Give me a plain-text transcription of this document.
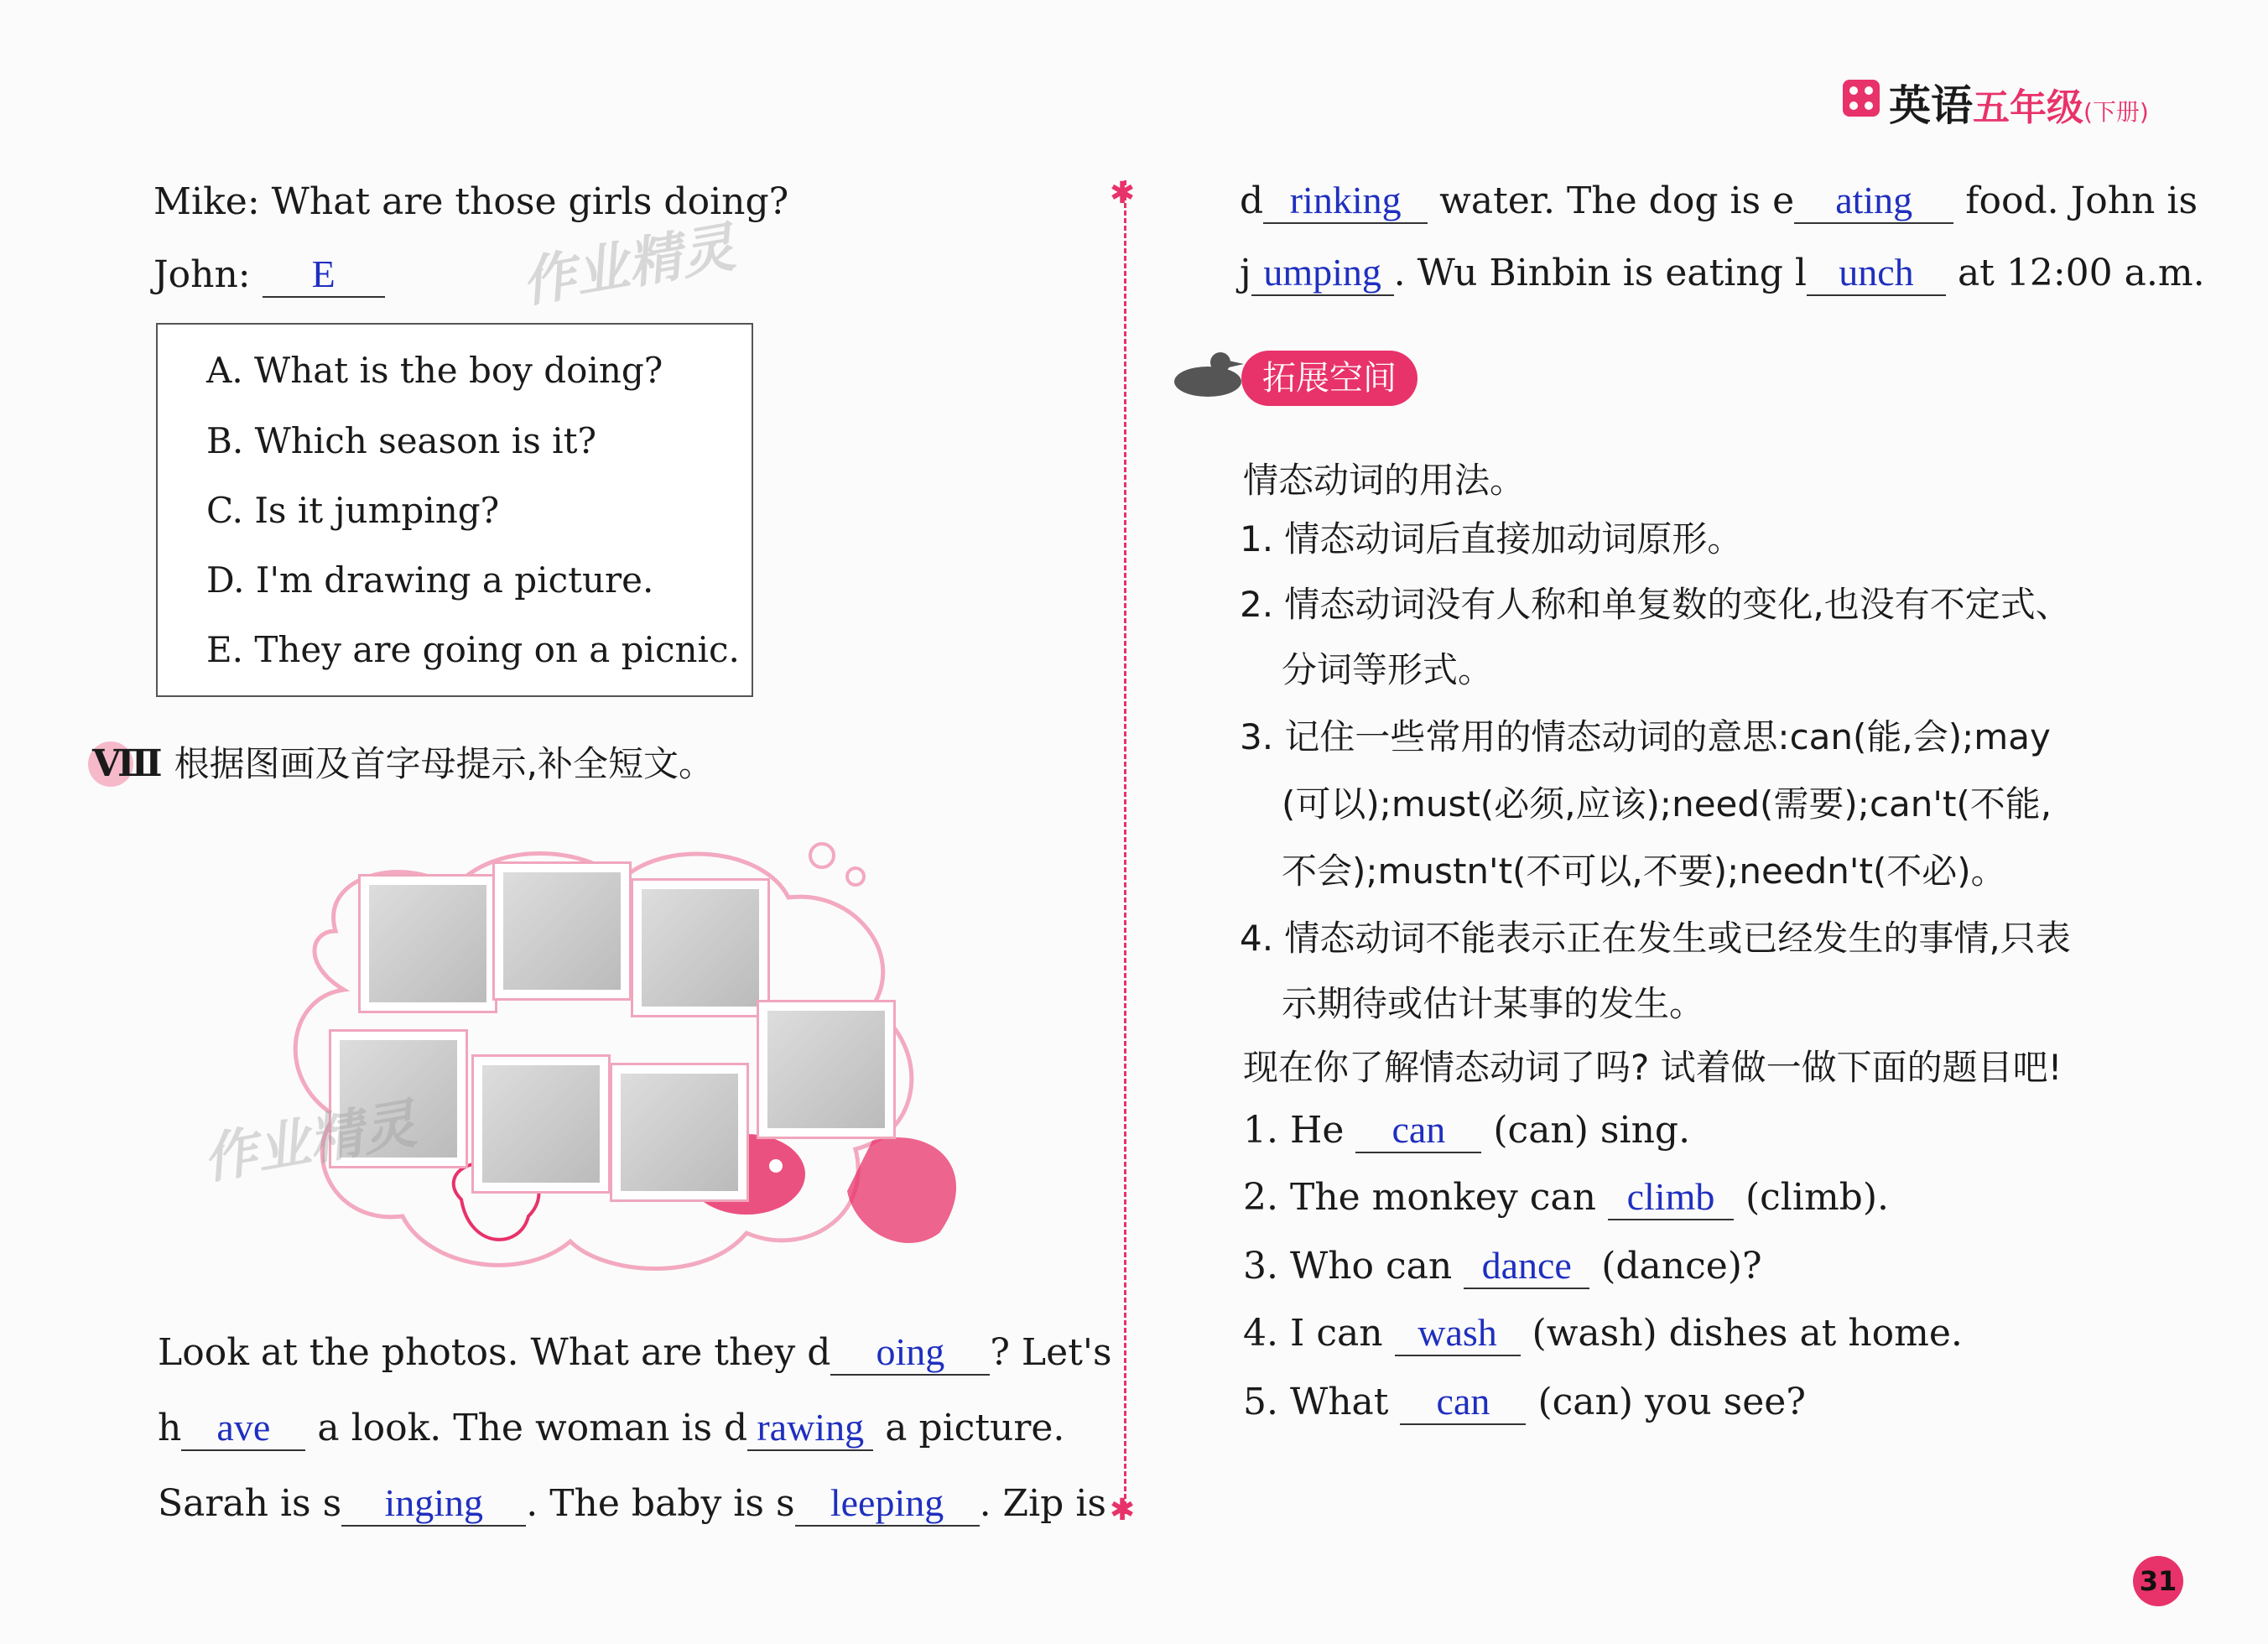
英语五年级(下册)
✱
✱
Mike: What are those girls doing?
John: E	作业精灵
A. What is the boy doing?
B. Which season is it?
C. Is it jumping?
D. I'm drawing a picture.
E. They are going on a picnic.
Ⅷ 根据图画及首字母提示,补全短文。
作业精灵
Look at the photos. What are they d oing ? Let's
h ave a look. The woman is d rawing a picture.
Sarah is s inging . The baby is s leeping . Zip is
d rinking water. The dog is e ating food. John is
j umping . Wu Binbin is eating l unch at 12:00 a.m.
拓展空间
情态动词的用法。
1. 情态动词后直接加动词原形。
2. 情态动词没有人称和单复数的变化,也没有不定式、
分词等形式。
3. 记住一些常用的情态动词的意思:can(能,会);may
(可以);must(必须,应该);need(需要);can't(不能,
不会);mustn't(不可以,不要);needn't(不必)。
4. 情态动词不能表示正在发生或已经发生的事情,只表
示期待或估计某事的发生。
现在你了解情态动词了吗? 试着做一做下面的题目吧!
1. He can (can) sing.
2. The monkey can climb (climb).
3. Who can dance (dance)?
4. I can wash (wash) dishes at home.
5. What can (can) you see?
31
